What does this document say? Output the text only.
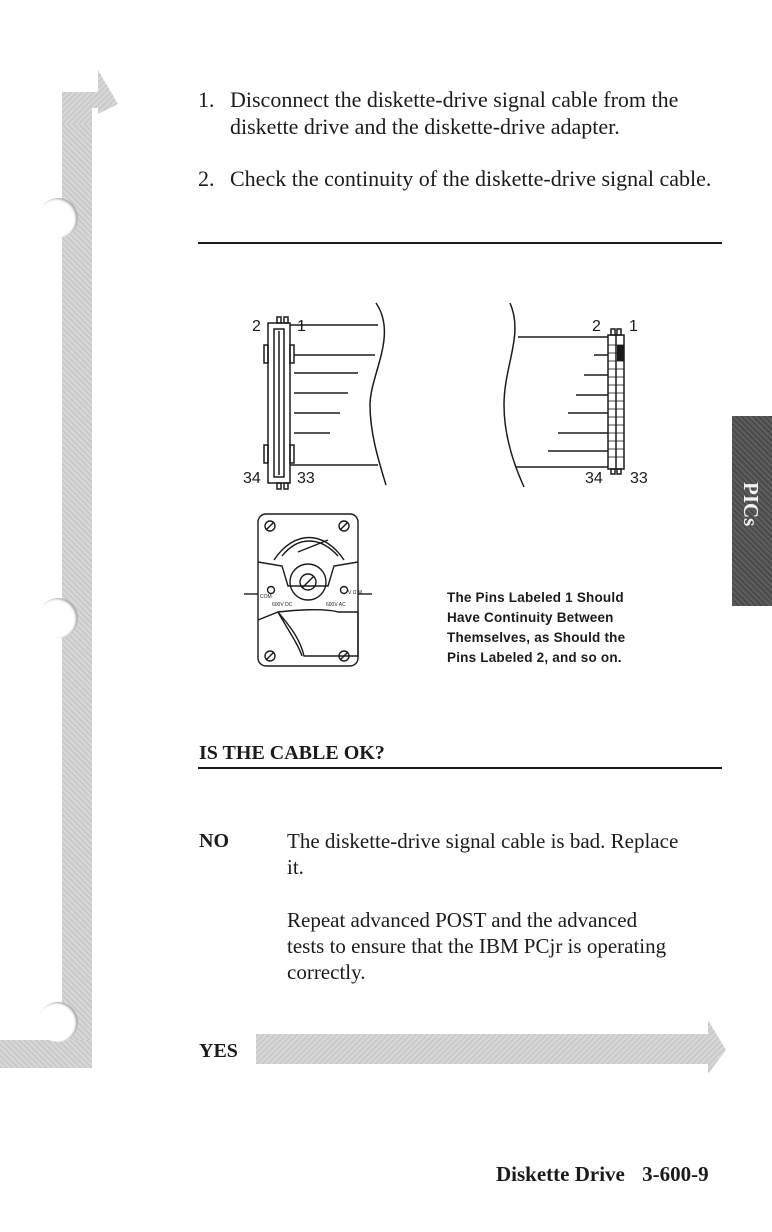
1. Disconnect the diskette-drive signal cable from the diskette drive and the diskette-drive adapter.
2. Check the continuity of the diskette-drive signal cable.
2 1
34 33
2 1
34 33
COM
V Ω M
600V DC	600V AC	The Pins Labeled 1 Should
Have Continuity Between
Themselves, as Should the
Pins Labeled 2, and so on.
IS THE CABLE OK?
NO	The diskette-drive signal cable is bad. Replace
it.
Repeat advanced POST and the advanced
tests to ensure that the IBM PCjr is operating
correctly.
YES
PICs
Diskette Drive 3-600-9
